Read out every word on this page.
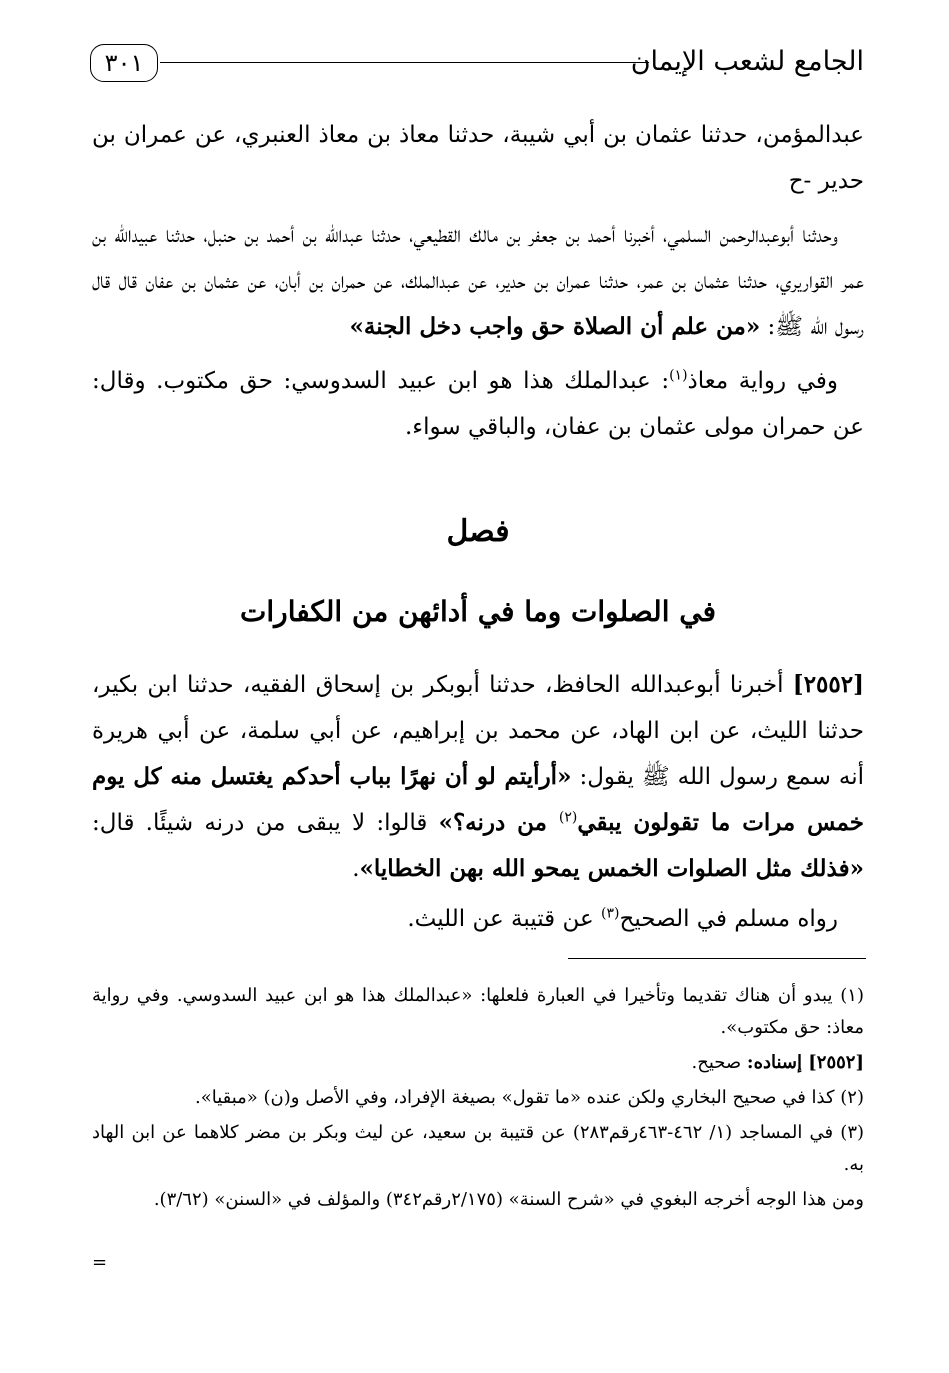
الجامع لشعب الإيمان
٣٠١

عبدالمؤمن، حدثنا عثمان بن أبي شيبة، حدثنا معاذ بن معاذ العنبري، عن عمران بن حدير -ح

وحدثنا أبوعبدالرحمن السلمي، أخبرنا أحمد بن جعفر بن مالك القطيعي، حدثنا عبدالله بن أحمد بن حنبل، حدثنا عبيدالله بن عمر القواريري، حدثنا عثمان بن عمر، حدثنا عمران بن حدير، عن عبدالملك، عن حمران بن أبان، عن عثمان بن عفان قال قال رسول الله ﷺ: «من علم أن الصلاة حق واجب دخل الجنة»

وفي رواية معاذ$^{(١)}$: عبدالملك هذا هو ابن عبيد السدوسي: حق مكتوب. وقال: عن حمران مولى عثمان بن عفان، والباقي سواء.

فصل
في الصلوات وما في أدائهن من الكفارات

[٢٥٥٢] أخبرنا أبوعبدالله الحافظ، حدثنا أبوبكر بن إسحاق الفقيه، حدثنا ابن بكير، حدثنا الليث، عن ابن الهاد، عن محمد بن إبراهيم، عن أبي سلمة، عن أبي هريرة أنه سمع رسول الله ﷺ يقول: «أرأيتم لو أن نهرًا بباب أحدكم يغتسل منه كل يوم خمس مرات ما تقولون يبقي$^{(٢)}$ من درنه؟» قالوا: لا يبقى من درنه شيئًا. قال: «فذلك مثل الصلوات الخمس يمحو الله بهن الخطايا».

رواه مسلم في الصحيح$^{(٣)}$ عن قتيبة عن الليث.

(١) يبدو أن هناك تقديما وتأخيرا في العبارة فلعلها: «عبدالملك هذا هو ابن عبيد السدوسي. وفي رواية معاذ: حق مكتوب».

[٢٥٥٢] إسناده: صحيح.

(٢) كذا في صحيح البخاري ولكن عنده «ما تقول» بصيغة الإفراد، وفي الأصل و(ن) «مبقيا».

(٣) في المساجد (١/ ٤٦٢-٤٦٣رقم٢٨٣) عن قتيبة بن سعيد، عن ليث وبكر بن مضر كلاهما عن ابن الهاد به.

ومن هذا الوجه أخرجه البغوي في «شرح السنة» (٢/١٧٥رقم٣٤٢) والمؤلف في «السنن» (٣/٦٢).

=
